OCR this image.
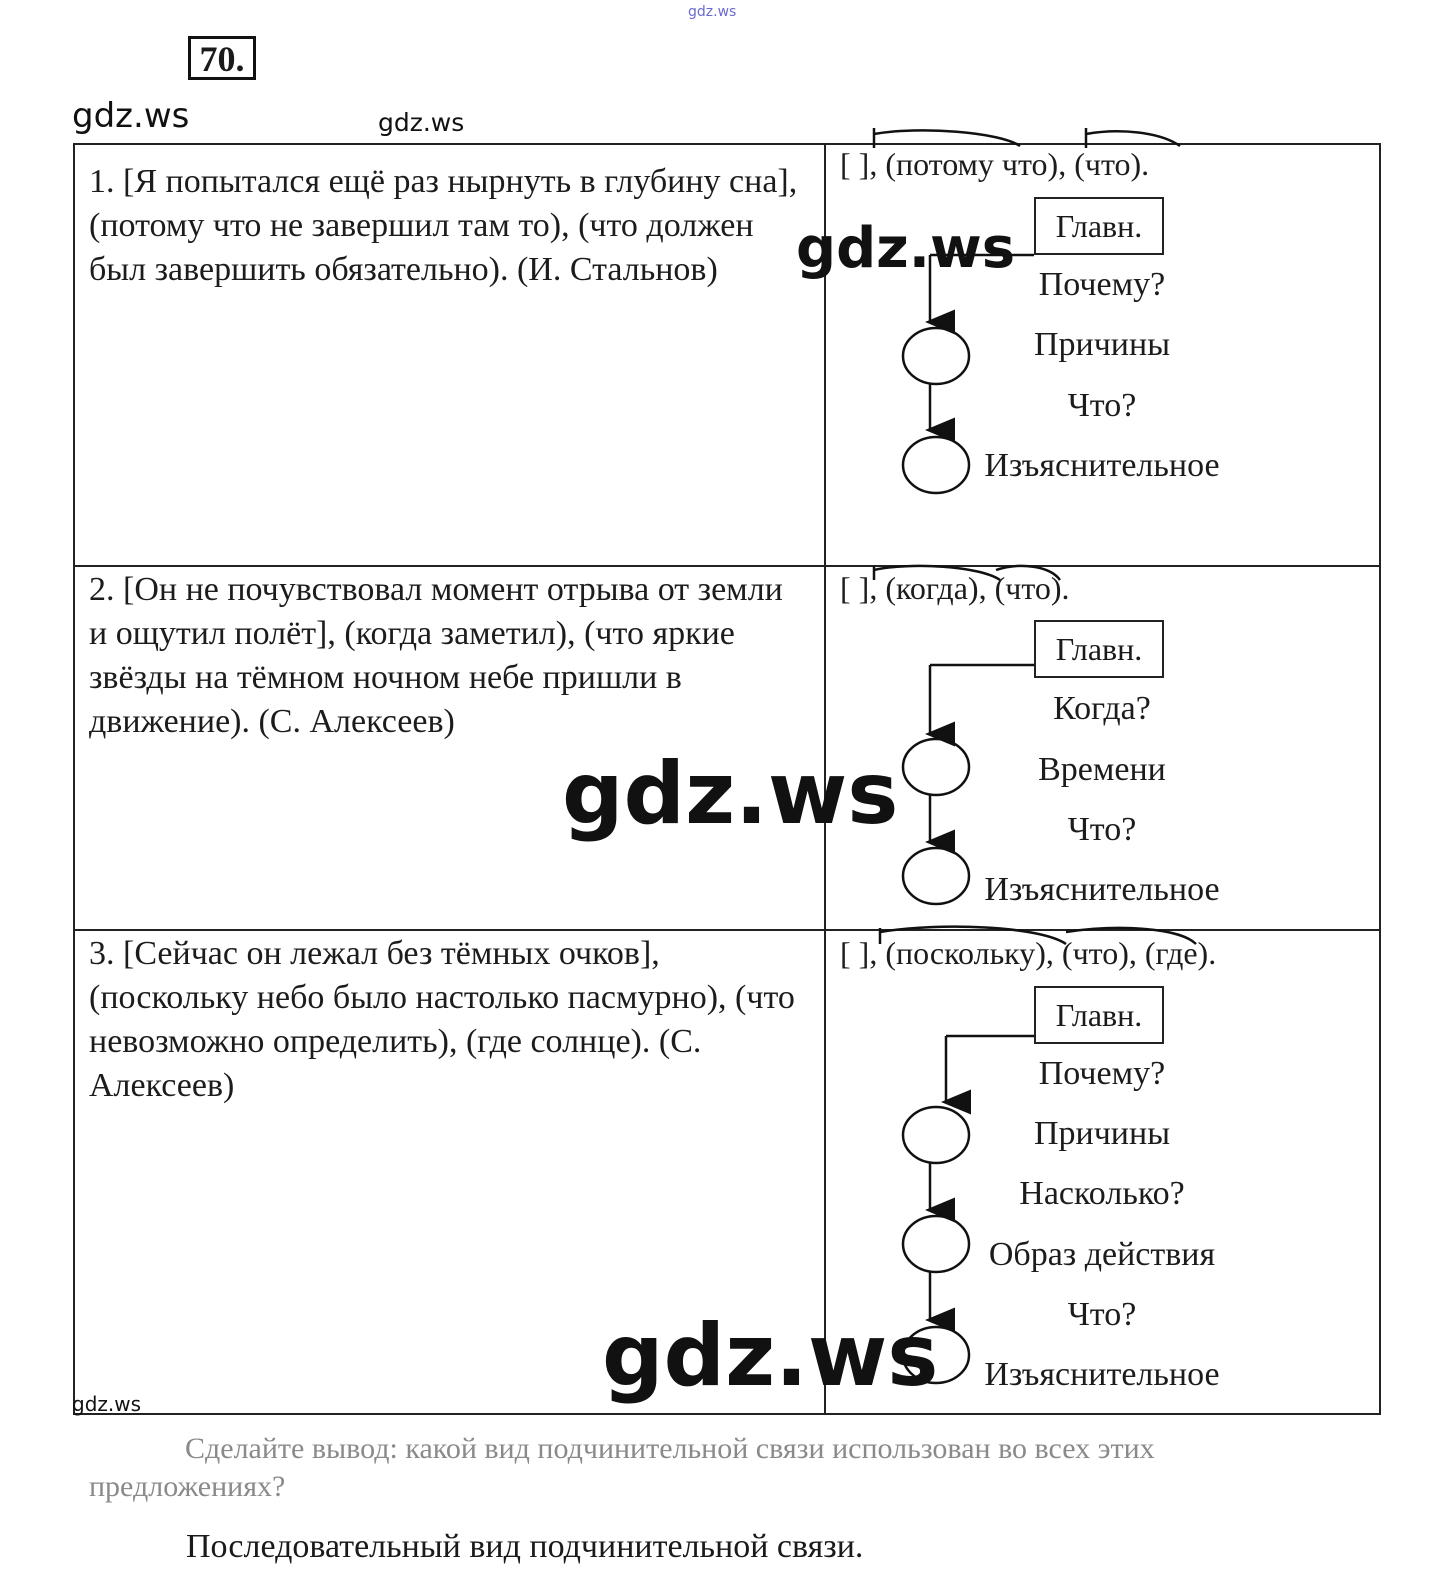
70.
gdz.ws
gdz.ws	gdz.ws
1. [Я попытался ещё раз нырнуть в глубину сна], (потому что не завершил там то), (что должен был завершить обязательно). (И. Стальнов)
[ ], (потому что), (что).
Главн.
Почему?
Причины
Что?
Изъяснительное
2. [Он не почувствовал момент отрыва от земли и ощутил полёт], (когда заметил), (что яркие звёзды на тёмном ночном небе пришли в движение). (С. Алексеев)
[ ], (когда), (что).
Главн.
Когда?
Времени
Что?
Изъяснительное
3. [Сейчас он лежал без тёмных очков], (поскольку небо было настолько пасмурно), (что невозможно определить), (где солнце). (С. Алексеев)
[ ], (поскольку), (что), (где).
Главн.
Почему?
Причины
Насколько?
Образ действия
Что?
Изъяснительное
gdz.ws
gdz.ws
gdz.ws
gdz.ws
Сделайте вывод: какой вид подчинительной связи использован во всех этих предложениях?
Последовательный вид подчинительной связи.
